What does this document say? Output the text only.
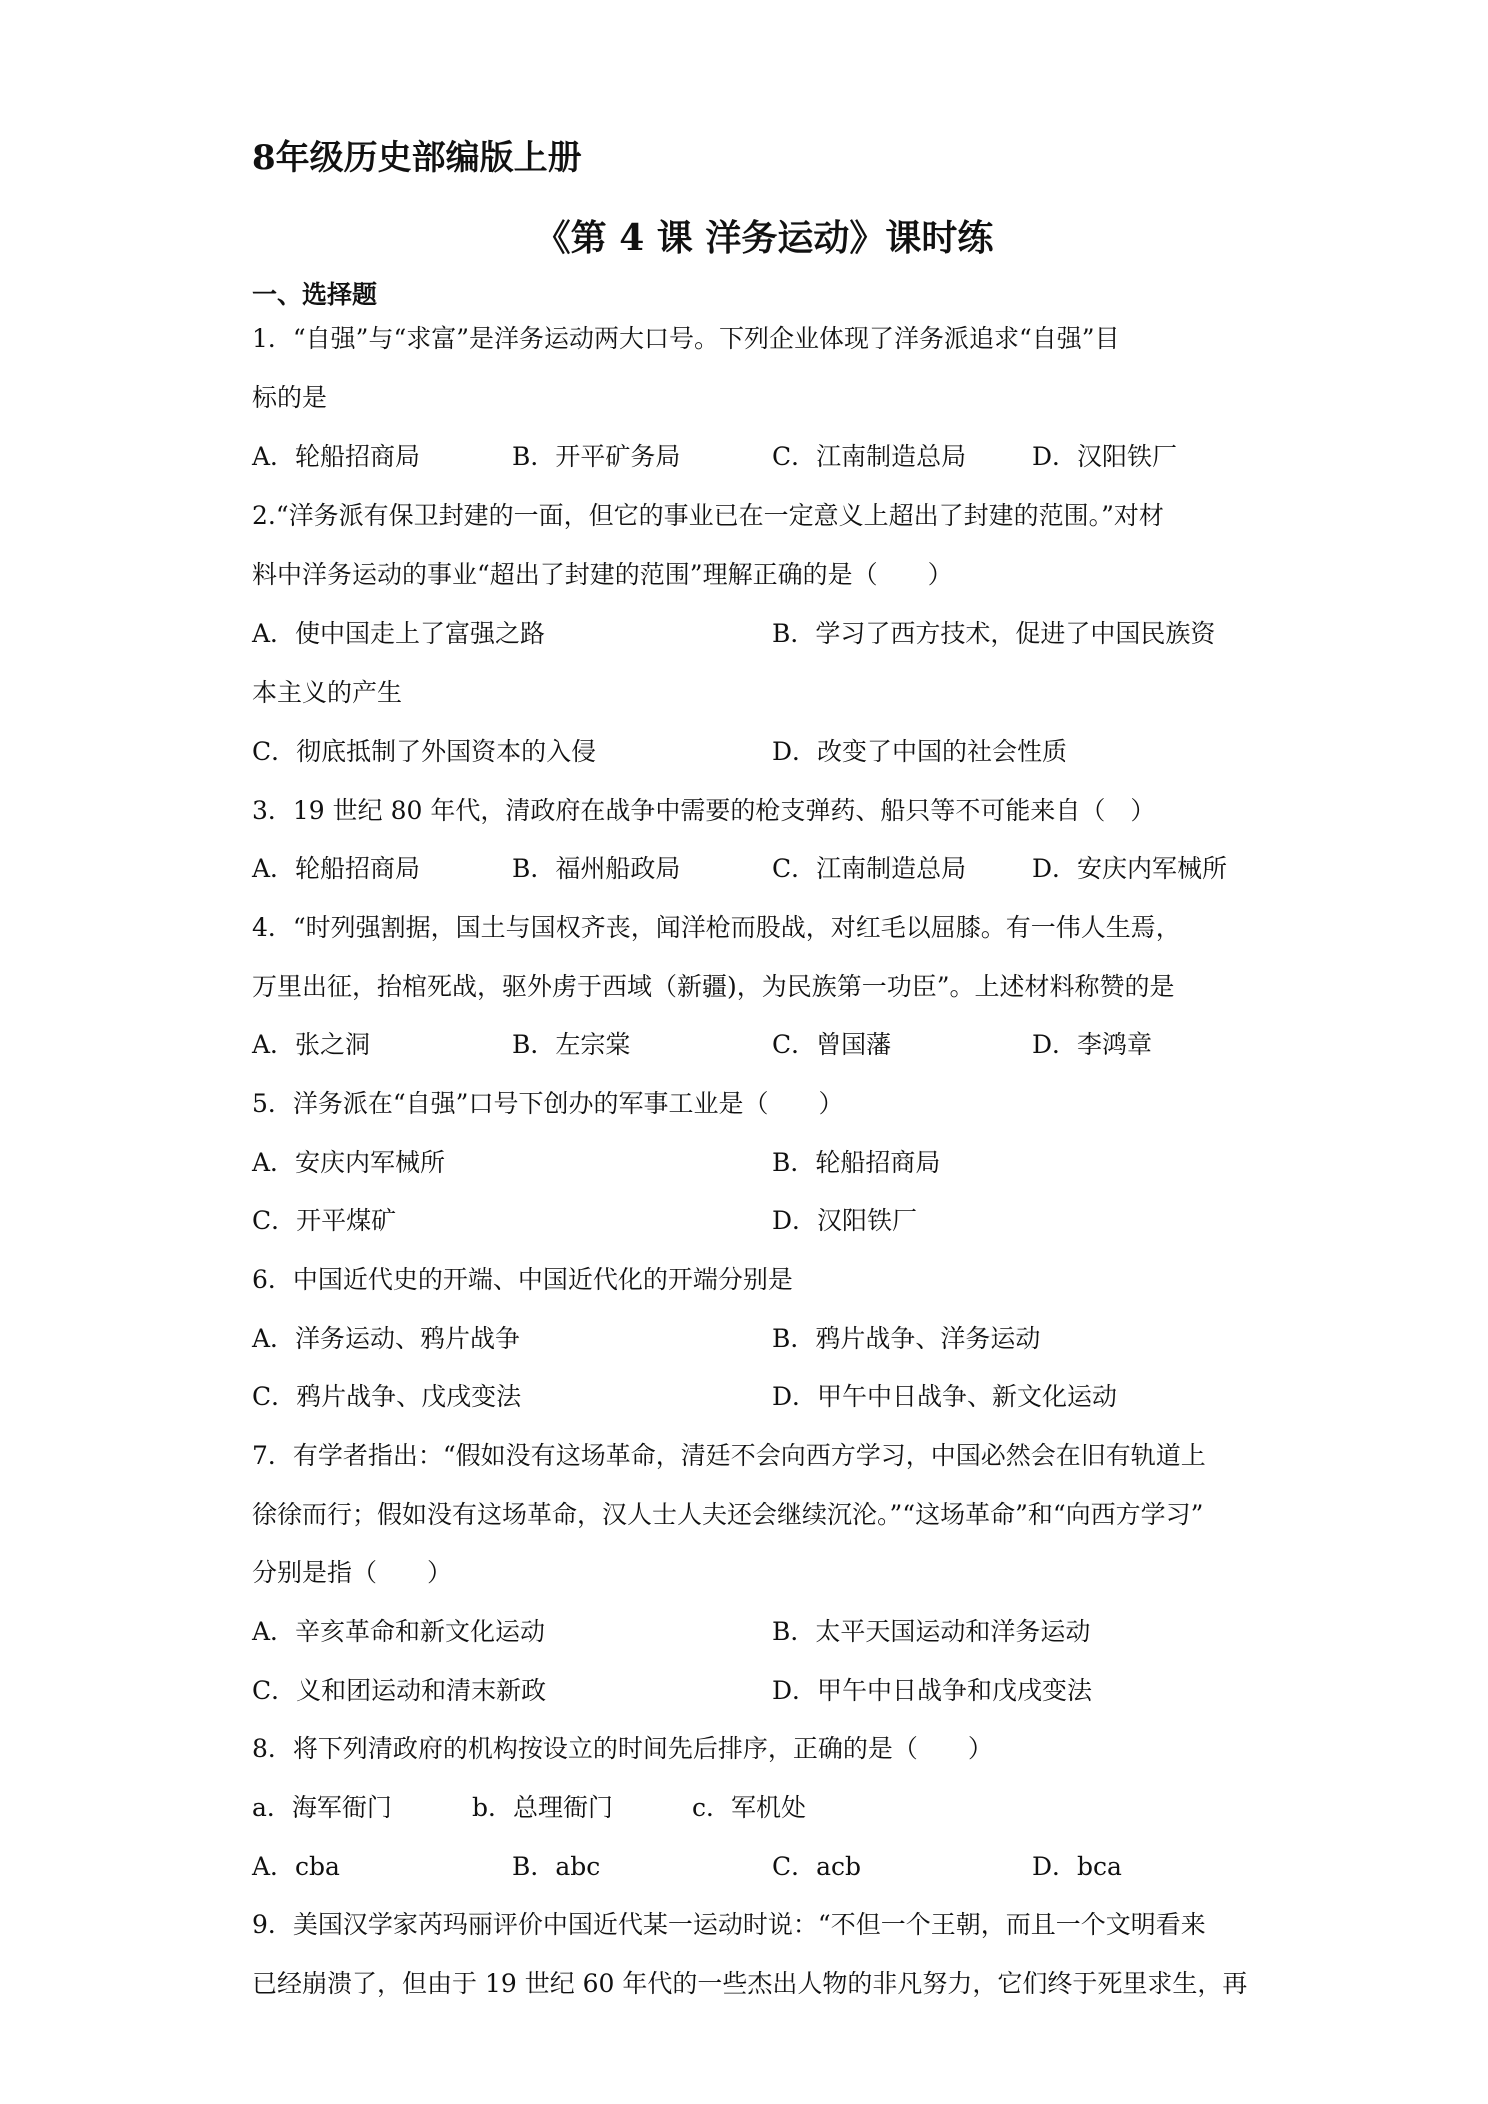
8年级历史部编版上册
《第 4 课 洋务运动》课时练
一、选择题
1．“自强”与“求富”是洋务运动两大口号。下列企业体现了洋务派追求“自强”目
标的是
A．轮船招商局	B．开平矿务局	C．江南制造总局	D．汉阳铁厂
2.“洋务派有保卫封建的一面，但它的事业已在一定意义上超出了封建的范围。”对材
料中洋务运动的事业“超出了封建的范围”理解正确的是（　　）
A．使中国走上了富强之路	B．学习了西方技术，促进了中国民族资
本主义的产生
C．彻底抵制了外国资本的入侵	D．改变了中国的社会性质
3．19 世纪 80 年代，清政府在战争中需要的枪支弹药、船只等不可能来自（　）
A．轮船招商局	B．福州船政局	C．江南制造总局	D．安庆内军械所
4．“时列强割据，国土与国权齐丧，闻洋枪而股战，对红毛以屈膝。有一伟人生焉，
万里出征，抬棺死战，驱外虏于西域（新疆)，为民族第一功臣”。上述材料称赞的是
A．张之洞	B．左宗棠	C．曾国藩	D．李鸿章
5．洋务派在“自强”口号下创办的军事工业是（　　）
A．安庆内军械所	B．轮船招商局
C．开平煤矿	D．汉阳铁厂
6．中国近代史的开端、中国近代化的开端分别是
A．洋务运动、鸦片战争	B．鸦片战争、洋务运动
C．鸦片战争、戊戌变法	D．甲午中日战争、新文化运动
7．有学者指出：“假如没有这场革命，清廷不会向西方学习，中国必然会在旧有轨道上
徐徐而行；假如没有这场革命，汉人士人夫还会继续沉沦。”“这场革命”和“向西方学习”
分别是指（　　）
A．辛亥革命和新文化运动	B．太平天国运动和洋务运动
C．义和团运动和清末新政	D．甲午中日战争和戊戌变法
8．将下列清政府的机构按设立的时间先后排序，正确的是（　　）
a．海军衙门	b．总理衙门	c．军机处
A．cba	B．abc	C．acb	D．bca
9．美国汉学家芮玛丽评价中国近代某一运动时说：“不但一个王朝，而且一个文明看来
已经崩溃了，但由于 19 世纪 60 年代的一些杰出人物的非凡努力，它们终于死里求生，再
